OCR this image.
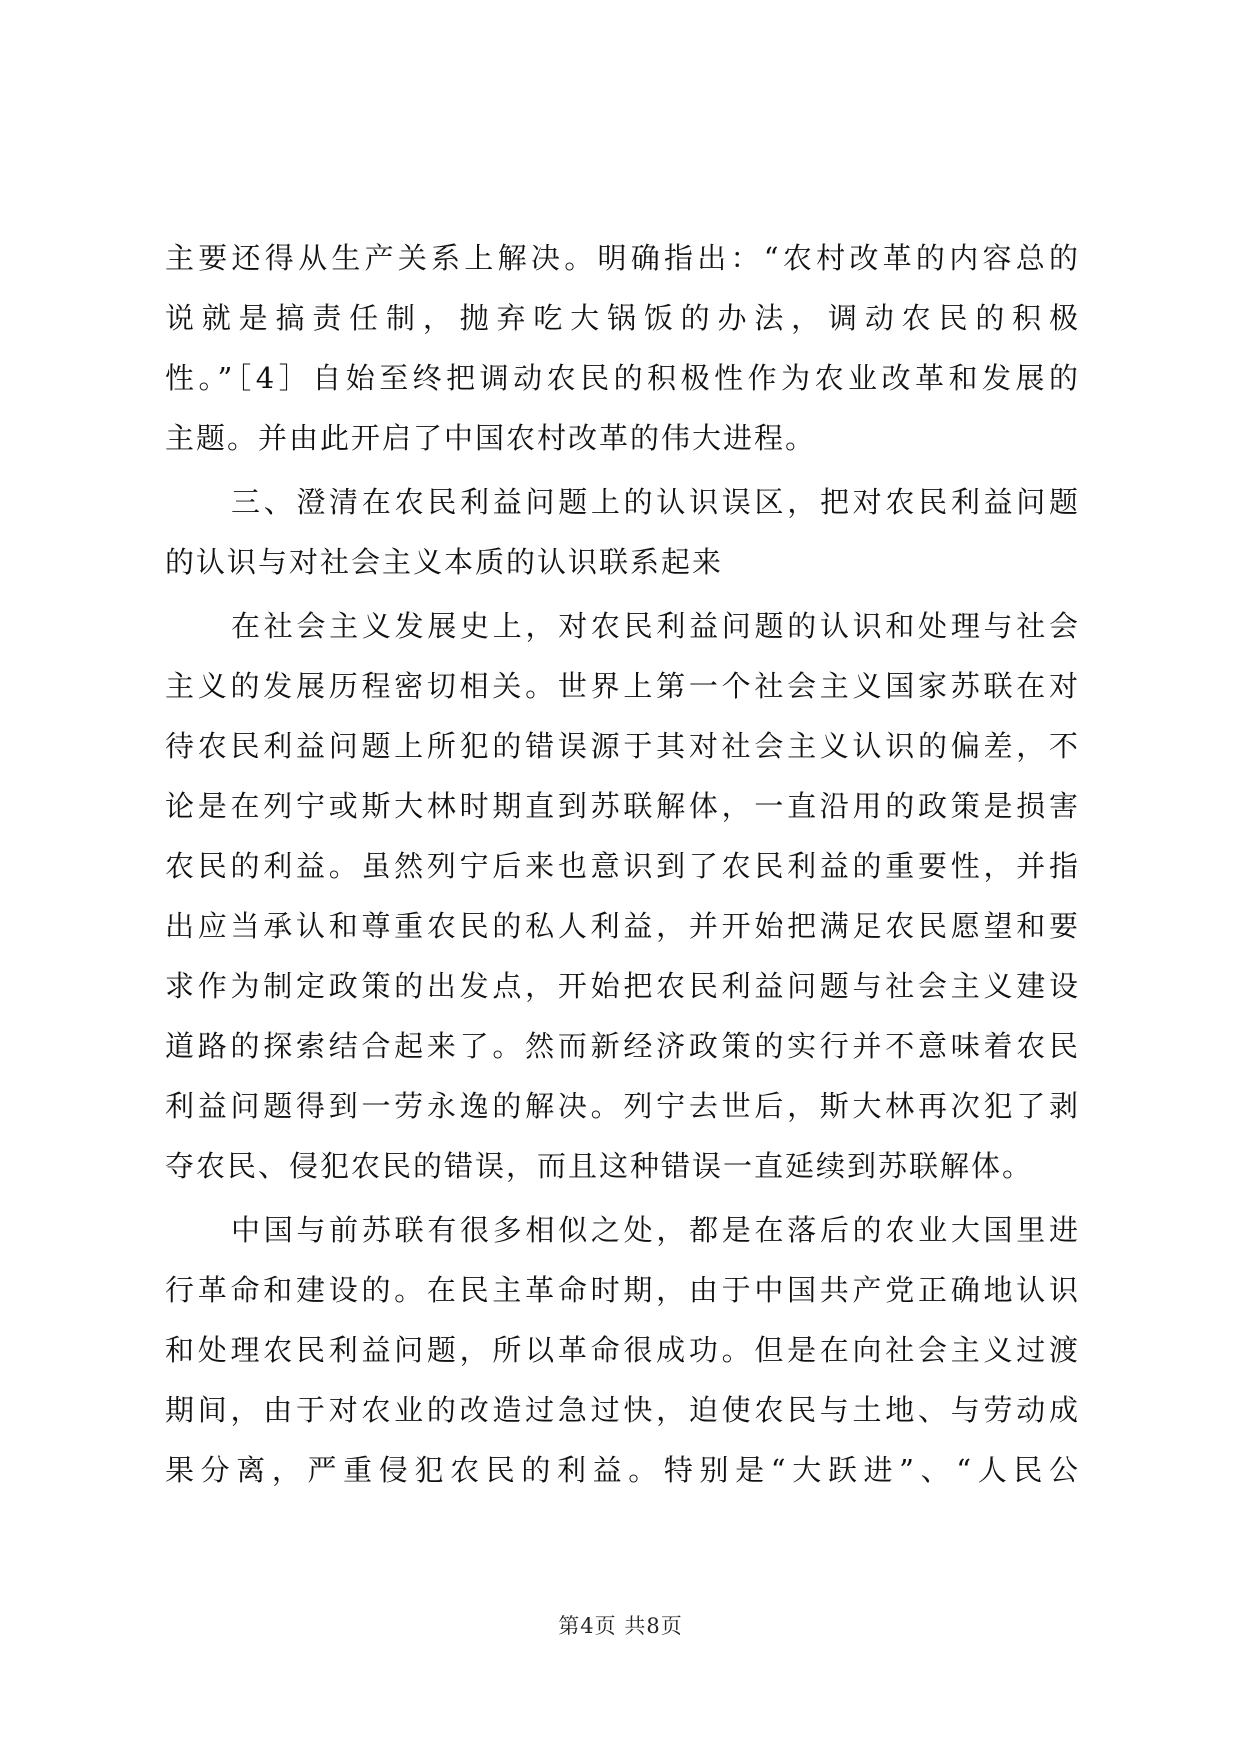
主要还得从生产关系上解决。明确指出：“农村改革的内容总的
说就是搞责任制，抛弃吃大锅饭的办法，调动农民的积极
性。”［4］自始至终把调动农民的积极性作为农业改革和发展的
主题。并由此开启了中国农村改革的伟大进程。
三、澄清在农民利益问题上的认识误区，把对农民利益问题
的认识与对社会主义本质的认识联系起来
在社会主义发展史上，对农民利益问题的认识和处理与社会
主义的发展历程密切相关。世界上第一个社会主义国家苏联在对
待农民利益问题上所犯的错误源于其对社会主义认识的偏差，不
论是在列宁或斯大林时期直到苏联解体，一直沿用的政策是损害
农民的利益。虽然列宁后来也意识到了农民利益的重要性，并指
出应当承认和尊重农民的私人利益，并开始把满足农民愿望和要
求作为制定政策的出发点，开始把农民利益问题与社会主义建设
道路的探索结合起来了。然而新经济政策的实行并不意味着农民
利益问题得到一劳永逸的解决。列宁去世后，斯大林再次犯了剥
夺农民、侵犯农民的错误，而且这种错误一直延续到苏联解体。
中国与前苏联有很多相似之处，都是在落后的农业大国里进
行革命和建设的。在民主革命时期，由于中国共产党正确地认识
和处理农民利益问题，所以革命很成功。但是在向社会主义过渡
期间，由于对农业的改造过急过快，迫使农民与土地、与劳动成
果分离，严重侵犯农民的利益。特别是“大跃进”、“人民公
第4页 共8页
